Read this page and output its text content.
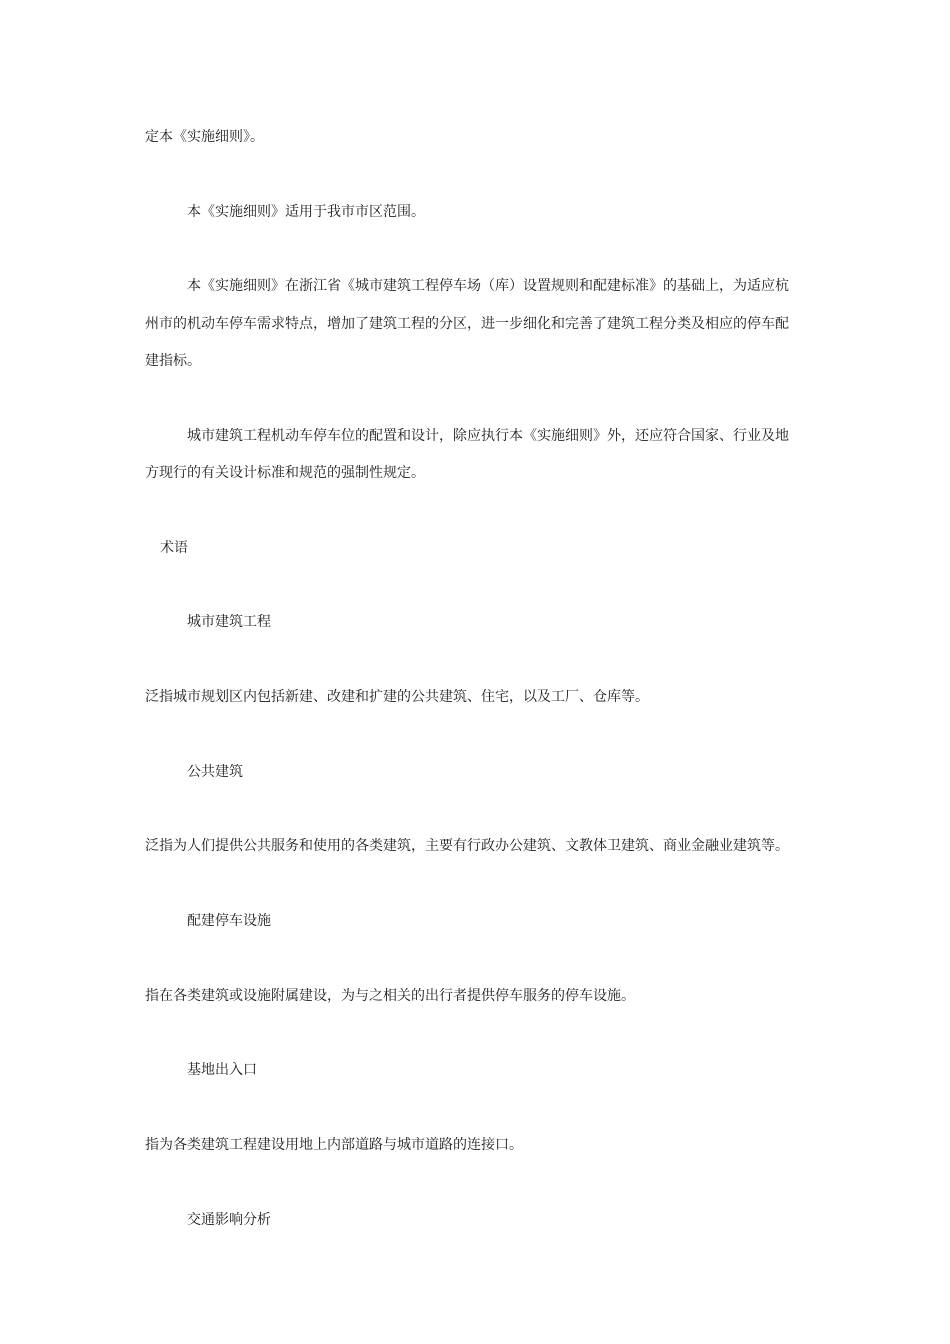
定本《实施细则》。

本《实施细则》适用于我市市区范围。

本《实施细则》在浙江省《城市建筑工程停车场（库）设置规则和配建标准》的基础上，为适应杭

州市的机动车停车需求特点，增加了建筑工程的分区，进一步细化和完善了建筑工程分类及相应的停车配

建指标。

城市建筑工程机动车停车位的配置和设计，除应执行本《实施细则》外，还应符合国家、行业及地

方现行的有关设计标准和规范的强制性规定。

术语

城市建筑工程

泛指城市规划区内包括新建、改建和扩建的公共建筑、住宅，以及工厂、仓库等。

公共建筑

泛指为人们提供公共服务和使用的各类建筑，主要有行政办公建筑、文教体卫建筑、商业金融业建筑等。

配建停车设施

指在各类建筑或设施附属建设，为与之相关的出行者提供停车服务的停车设施。

基地出入口

指为各类建筑工程建设用地上内部道路与城市道路的连接口。

交通影响分析
